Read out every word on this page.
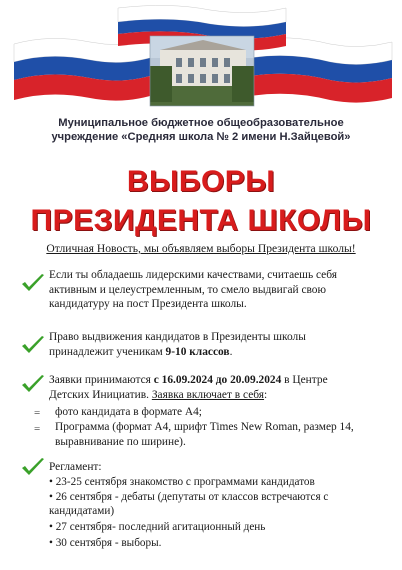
Муниципальное бюджетное общеобразовательное
учреждение «Средняя школа № 2 имени Н.Зайцевой»
ВЫБОРЫ
ПРЕЗИДЕНТА ШКОЛЫ
Отличная Новость, мы объявляем выборы Президента школы!
Если ты обладаешь лидерскими качествами, считаешь себя активным и целеустремленным, то смело выдвигай свою кандидатуру на пост Президента школы.
Право выдвижения кандидатов в Президенты школы принадлежит ученикам 9-10 классов.
Заявки принимаются с 16.09.2024 до 20.09.2024 в Центре Детских Инициатив. Заявка включает в себя:
= фото кандидата в формате А4;
= Программа (формат А4, шрифт Times New Roman, размер 14, выравнивание по ширине).
Регламент:
• 23-25 сентября знакомство с программами кандидатов
• 26 сентября - дебаты (депутаты от классов встречаются с кандидатами)
• 27 сентября- последний агитационный день
• 30 сентября - выборы.
